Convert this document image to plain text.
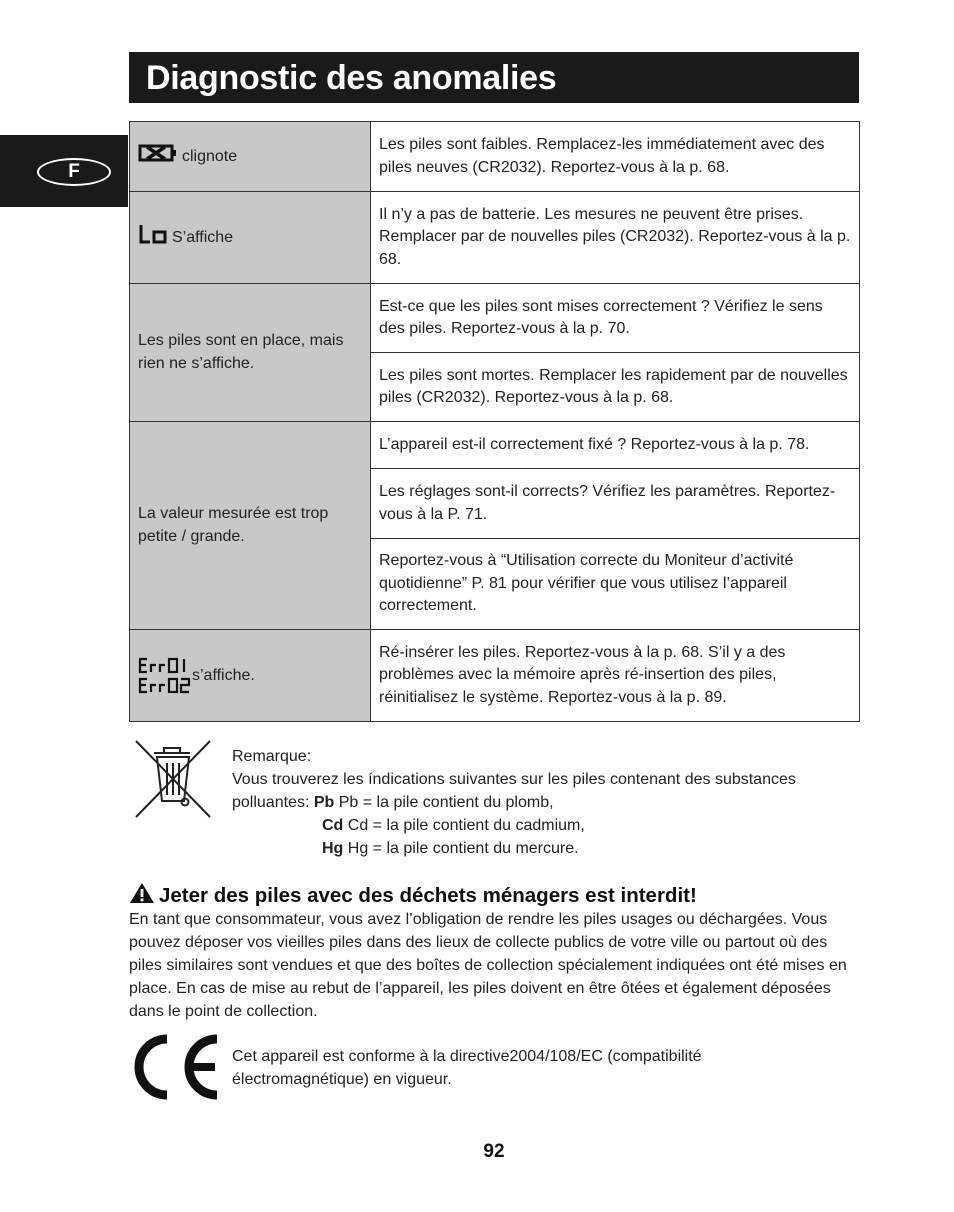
Diagnostic des anomalies
F
clignote	Les piles sont faibles. Remplacez-les immédiatement avec des piles neuves (CR2032). Reportez-vous à la p. 68.
S’affiche	Il n’y a pas de batterie. Les mesures ne peuvent être prises. Remplacer par de nouvelles piles (CR2032). Reportez-vous à la p. 68.
Les piles sont en place, mais rien ne s’affiche.	Est-ce que les piles sont mises correctement ? Vérifiez le sens des piles. Reportez-vous à la p. 70.
	Les piles sont mortes. Remplacer les rapidement par de nouvelles piles (CR2032). Reportez-vous à la p. 68.
La valeur mesurée est trop petite / grande.	L’appareil est-il correctement fixé ? Reportez-vous à la p. 78.
	Les réglages sont-il corrects? Vérifiez les paramètres. Reportez-vous à la P. 71.
	Reportez-vous à “Utilisation correcte du Moniteur d’activité quotidienne” P. 81 pour vérifier que vous utilisez l’appareil correctement.

s’affiche.	Ré-insérer les piles. Reportez-vous à la p. 68. S’il y a des problèmes avec la mémoire après ré-insertion des piles, réinitialisez le système. Reportez-vous à la p. 89.

Remarque:

Vous trouverez les índications suivantes sur les piles contenant des substances

polluantes: Pb Pb = la pile contient du plomb,

Cd Cd = la pile contient du cadmium,

Hg Hg = la pile contient du mercure.

Jeter des piles avec des déchets ménagers est interdit!

En tant que consommateur, vous avez l’obligation de rendre les piles usages ou déchargées. Vous pouvez déposer vos vieilles piles dans des lieux de collecte publics de votre ville ou partout où des piles similaires sont vendues et que des boîtes de collection spécialement indiquées ont été mises en place. En cas de mise au rebut de l’appareil, les piles doivent en être ôtées et également déposées dans le point de collection.

Cet appareil est conforme à la directive2004/108/EC (compatibilité électromagnétique) en vigueur.

92
